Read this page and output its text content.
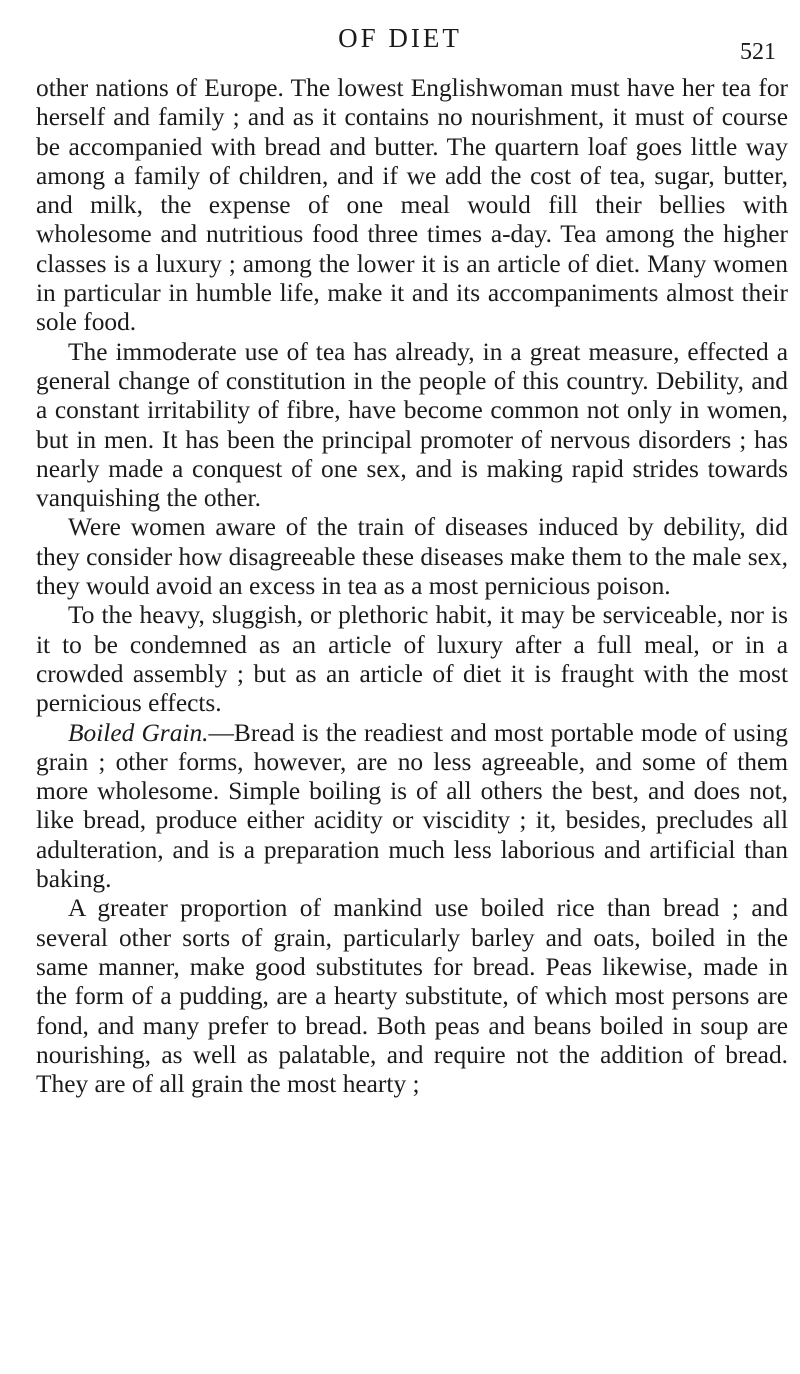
OF DIET	521

other nations of Europe. The lowest Englishwoman must have her tea for herself and family ; and as it contains no nourishment, it must of course be accompanied with bread and butter. The quartern loaf goes little way among a family of children, and if we add the cost of tea, sugar, butter, and milk, the expense of one meal would fill their bellies with wholesome and nutritious food three times a-day. Tea among the higher classes is a luxury ; among the lower it is an article of diet. Many women in particular in humble life, make it and its accompaniments almost their sole food.

The immoderate use of tea has already, in a great measure, effected a general change of constitution in the people of this country. Debility, and a constant irritability of fibre, have become common not only in women, but in men. It has been the principal promoter of nervous disorders ; has nearly made a conquest of one sex, and is making rapid strides towards vanquishing the other.

Were women aware of the train of diseases induced by debility, did they consider how disagreeable these diseases make them to the male sex, they would avoid an excess in tea as a most pernicious poison.

To the heavy, sluggish, or plethoric habit, it may be serviceable, nor is it to be condemned as an article of luxury after a full meal, or in a crowded assembly ; but as an article of diet it is fraught with the most pernicious effects.

Boiled Grain.—Bread is the readiest and most portable mode of using grain ; other forms, however, are no less agreeable, and some of them more wholesome. Simple boiling is of all others the best, and does not, like bread, produce either acidity or viscidity ; it, besides, precludes all adulteration, and is a preparation much less laborious and artificial than baking.

A greater proportion of mankind use boiled rice than bread ; and several other sorts of grain, particularly barley and oats, boiled in the same manner, make good substitutes for bread. Peas likewise, made in the form of a pudding, are a hearty substitute, of which most persons are fond, and many prefer to bread. Both peas and beans boiled in soup are nourishing, as well as palatable, and require not the addition of bread. They are of all grain the most hearty ;
